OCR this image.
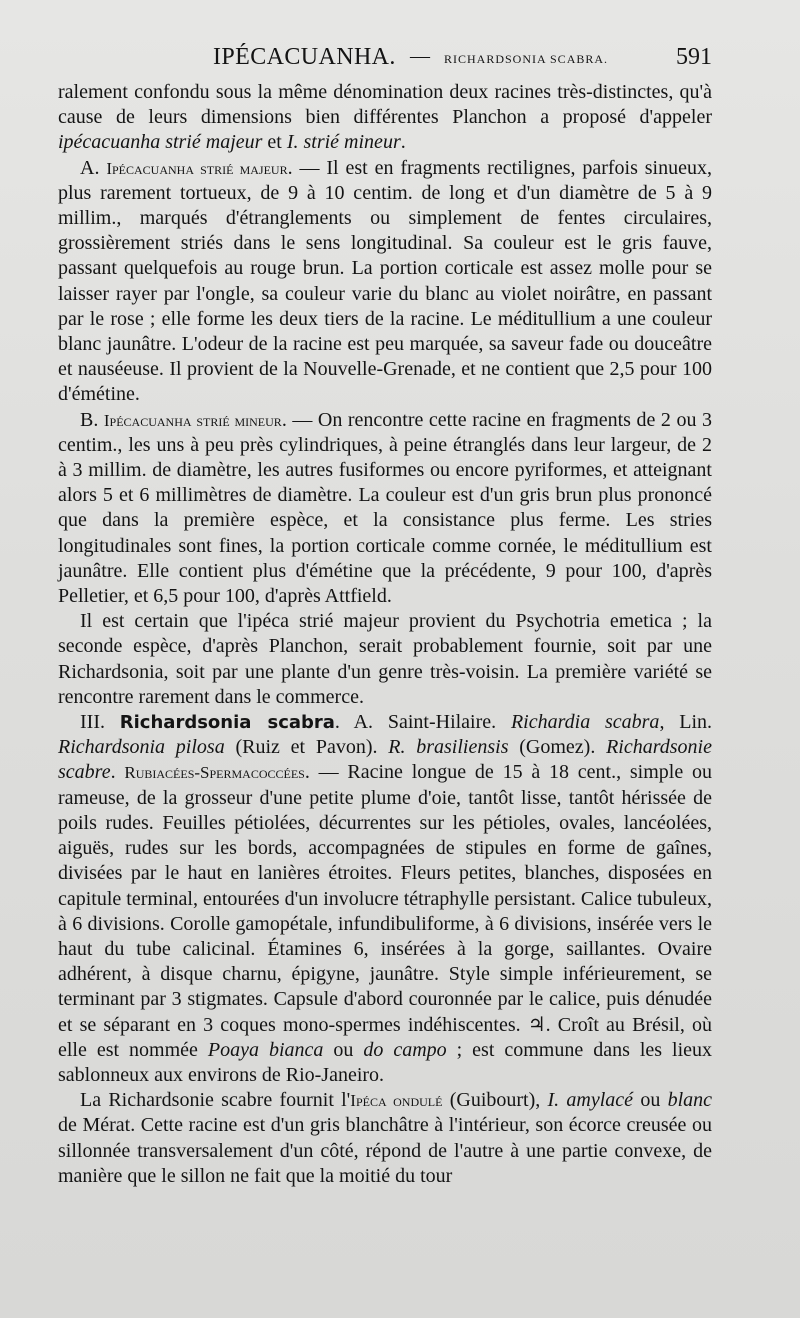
IPÉCACUANHA. — RICHARDSONIA SCABRA.	591

ralement confondu sous la même dénomination deux racines très-distinctes, qu'à cause de leurs dimensions bien différentes Planchon a proposé d'appeler ipécacuanha strié majeur et I. strié mineur.

A. Ipécacuanha strié majeur. — Il est en fragments rectilignes, parfois sinueux, plus rarement tortueux, de 9 à 10 centim. de long et d'un diamètre de 5 à 9 millim., marqués d'étranglements ou simplement de fentes circulaires, grossièrement striés dans le sens longitudinal. Sa couleur est le gris fauve, passant quelquefois au rouge brun. La portion corticale est assez molle pour se laisser rayer par l'ongle, sa couleur varie du blanc au violet noirâtre, en passant par le rose ; elle forme les deux tiers de la racine. Le méditullium a une couleur blanc jaunâtre. L'odeur de la racine est peu marquée, sa saveur fade ou douceâtre et nauséeuse. Il provient de la Nouvelle-Grenade, et ne contient que 2,5 pour 100 d'émétine.

B. Ipécacuanha strié mineur. — On rencontre cette racine en fragments de 2 ou 3 centim., les uns à peu près cylindriques, à peine étranglés dans leur largeur, de 2 à 3 millim. de diamètre, les autres fusiformes ou encore pyriformes, et atteignant alors 5 et 6 millimètres de diamètre. La couleur est d'un gris brun plus prononcé que dans la première espèce, et la consistance plus ferme. Les stries longitudinales sont fines, la portion corticale comme cornée, le méditullium est jaunâtre. Elle contient plus d'émétine que la précédente, 9 pour 100, d'après Pelletier, et 6,5 pour 100, d'après Attfield.

Il est certain que l'ipéca strié majeur provient du Psychotria emetica ; la seconde espèce, d'après Planchon, serait probablement fournie, soit par une Richardsonia, soit par une plante d'un genre très-voisin. La première variété se rencontre rarement dans le commerce.

III. Richardsonia scabra. A. Saint-Hilaire. Richardia scabra, Lin. Richardsonia pilosa (Ruiz et Pavon). R. brasiliensis (Gomez). Richardsonie scabre. Rubiacées-Spermacoccées. — Racine longue de 15 à 18 cent., simple ou rameuse, de la grosseur d'une petite plume d'oie, tantôt lisse, tantôt hérissée de poils rudes. Feuilles pétiolées, décurrentes sur les pétioles, ovales, lancéolées, aiguës, rudes sur les bords, accompagnées de stipules en forme de gaînes, divisées par le haut en lanières étroites. Fleurs petites, blanches, disposées en capitule terminal, entourées d'un involucre tétraphylle persistant. Calice tubuleux, à 6 divisions. Corolle gamopétale, infundibuliforme, à 6 divisions, insérée vers le haut du tube calicinal. Étamines 6, insérées à la gorge, saillantes. Ovaire adhérent, à disque charnu, épigyne, jaunâtre. Style simple inférieurement, se terminant par 3 stigmates. Capsule d'abord couronnée par le calice, puis dénudée et se séparant en 3 coques mono-spermes indéhiscentes. ♃. Croît au Brésil, où elle est nommée Poaya bianca ou do campo ; est commune dans les lieux sablonneux aux environs de Rio-Janeiro.

La Richardsonie scabre fournit l'Ipéca ondulé (Guibourt), I. amylacé ou blanc de Mérat. Cette racine est d'un gris blanchâtre à l'intérieur, son écorce creusée ou sillonnée transversalement d'un côté, répond de l'autre à une partie convexe, de manière que le sillon ne fait que la moitié du tour
